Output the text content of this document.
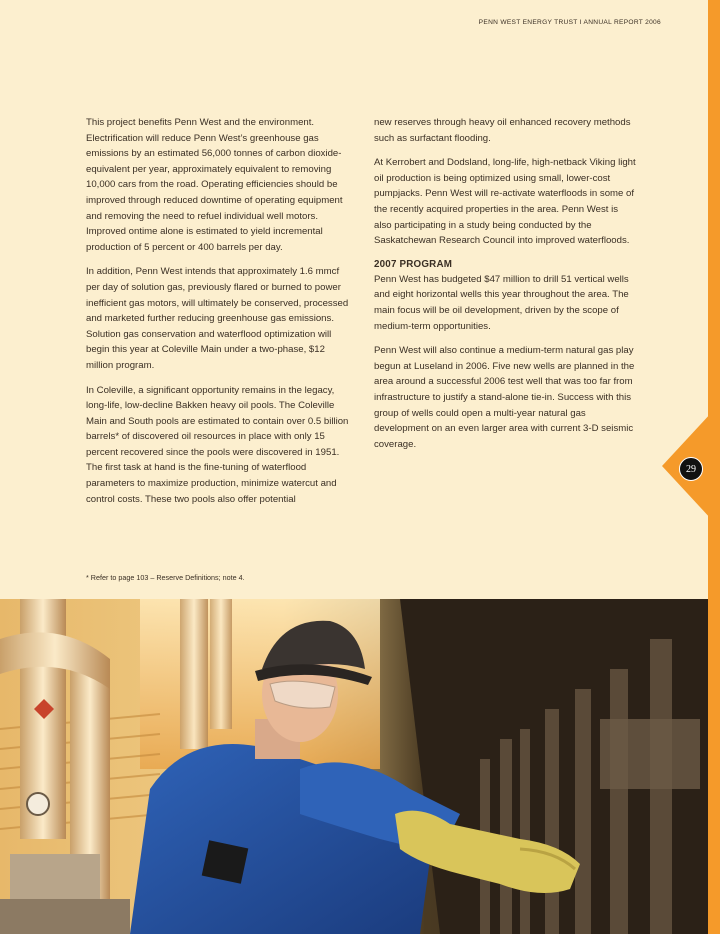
29
PENN WEST ENERGY TRUST I ANNUAL REPORT 2006

This project benefits Penn West and the environment. Electrification will reduce Penn West’s greenhouse gas emissions by an estimated 56,000 tonnes of carbon dioxide-equivalent per year, approximately equivalent to removing 10,000 cars from the road. Operating efficiencies should be improved through reduced downtime of operating equipment and removing the need to refuel individual well motors. Improved ontime alone is estimated to yield incremental production of 5 percent or 400 barrels per day.

In addition, Penn West intends that approximately 1.6 mmcf per day of solution gas, previously flared or burned to power inefficient gas motors, will ultimately be conserved, processed and marketed further reducing greenhouse gas emissions. Solution gas conservation and waterflood optimization will begin this year at Coleville Main under a two-phase, $12 million program.

In Coleville, a significant opportunity remains in the legacy, long-life, low-decline Bakken heavy oil pools. The Coleville Main and South pools are estimated to contain over 0.5 billion barrels* of discovered oil resources in place with only 15 percent recovered since the pools were discovered in 1951. The first task at hand is the fine-tuning of waterflood parameters to maximize production, minimize watercut and control costs. These two pools also offer potential

new reserves through heavy oil enhanced recovery methods such as surfactant flooding.

At Kerrobert and Dodsland, long-life, high-netback Viking light oil production is being optimized using small, lower-cost pumpjacks. Penn West will re-activate waterfloods in some of the recently acquired properties in the area. Penn West is also participating in a study being conducted by the Saskatchewan Research Council into improved waterfloods.

2007 PROGRAM

Penn West has budgeted $47 million to drill 51 vertical wells and eight horizontal wells this year throughout the area. The main focus will be oil development, driven by the scope of medium-term opportunities.

Penn West will also continue a medium-term natural gas play begun at Luseland in 2006. Five new wells are planned in the area around a successful 2006 test well that was too far from infrastructure to justify a stand-alone tie-in. Success with this group of wells could open a multi-year natural gas development on an even larger area with current 3-D seismic coverage.

* Refer to page 103 – Reserve Definitions; note 4.
